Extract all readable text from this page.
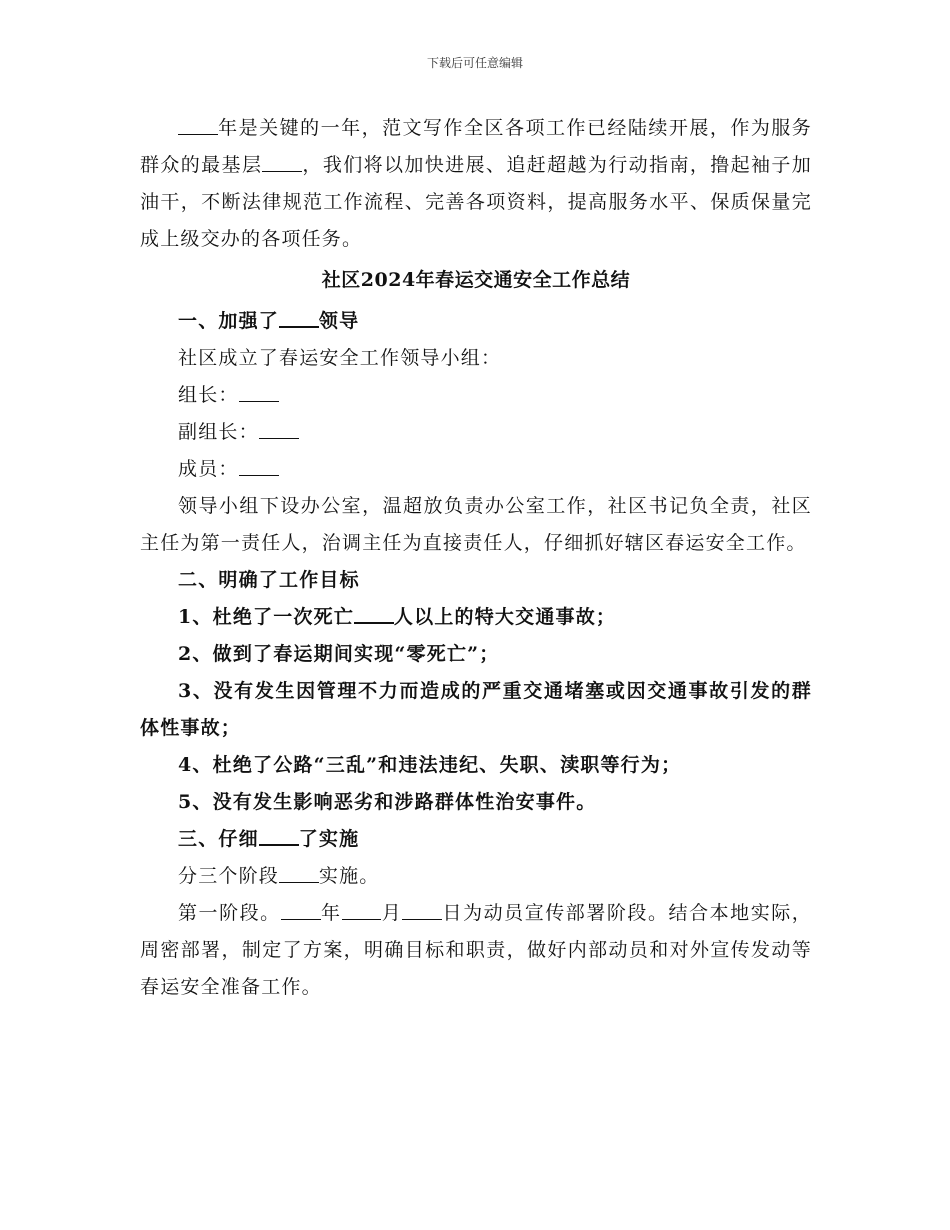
下载后可任意编辑

年是关键的一年，范文写作全区各项工作已经陆续开展，作为服务群众的最基层 ，我们将以加快进展、追赶超越为行动指南，撸起袖子加油干，不断法律规范工作流程、完善各项资料，提高服务水平、保质保量完成上级交办的各项任务。

社区2024年春运交通安全工作总结

一、加强了 领导

社区成立了春运安全工作领导小组：

组长：

副组长：

成员：

领导小组下设办公室，温超放负责办公室工作，社区书记负全责，社区主任为第一责任人，治调主任为直接责任人，仔细抓好辖区春运安全工作。

二、明确了工作目标

1、杜绝了一次死亡 人以上的特大交通事故；

2、做到了春运期间实现“零死亡”；

3、没有发生因管理不力而造成的严重交通堵塞或因交通事故引发的群体性事故；

4、杜绝了公路“三乱”和违法违纪、失职、渎职等行为；

5、没有发生影响恶劣和涉路群体性治安事件。

三、仔细 了实施

分三个阶段 实施。

第一阶段。 年 月 日为动员宣传部署阶段。结合本地实际，周密部署，制定了方案，明确目标和职责，做好内部动员和对外宣传发动等春运安全准备工作。
